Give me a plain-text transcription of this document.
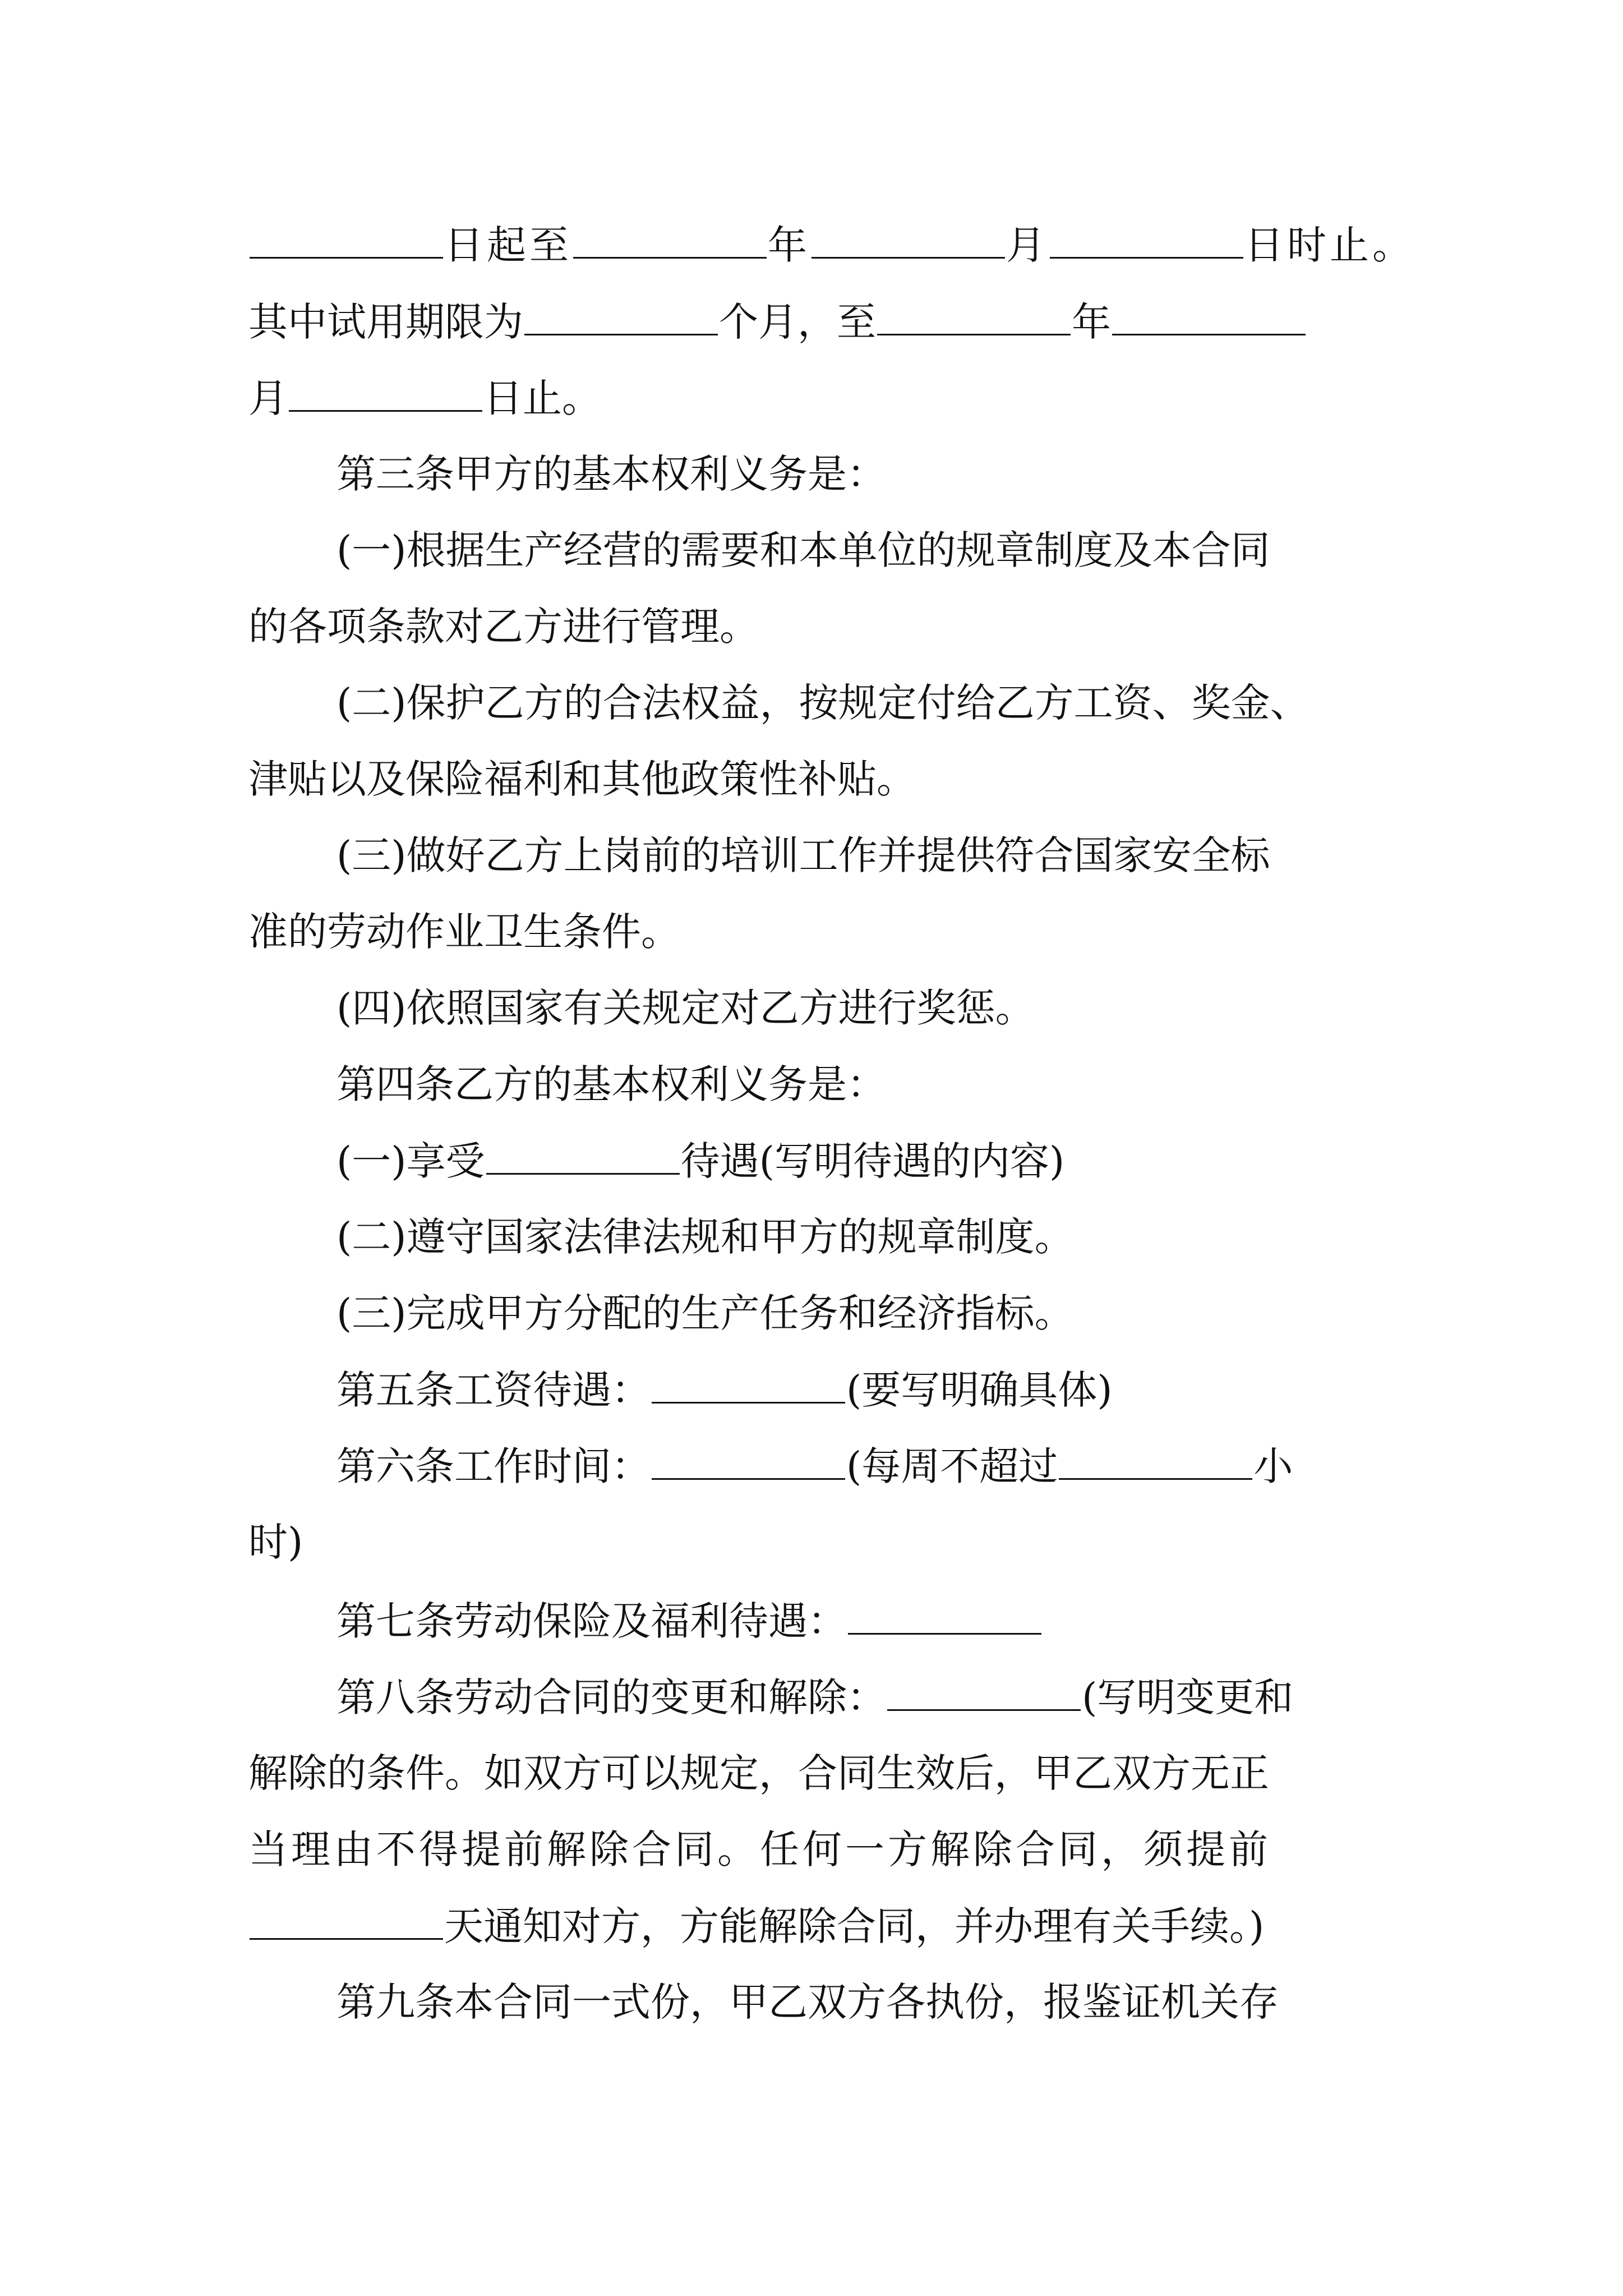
日起至	年	月	日时止。
其中试用期限为	个月，至	年
月	日止。
第三条甲方的基本权利义务是：
(一)根据生产经营的需要和本单位的规章制度及本合同
的各项条款对乙方进行管理。
(二)保护乙方的合法权益，按规定付给乙方工资、奖金、
津贴以及保险福利和其他政策性补贴。
(三)做好乙方上岗前的培训工作并提供符合国家安全标
准的劳动作业卫生条件。
(四)依照国家有关规定对乙方进行奖惩。
第四条乙方的基本权利义务是：
(一)享受	待遇(写明待遇的内容)
(二)遵守国家法律法规和甲方的规章制度。
(三)完成甲方分配的生产任务和经济指标。
第五条工资待遇：	(要写明确具体)
第六条工作时间：	(每周不超过	小
时)
第七条劳动保险及福利待遇：
第八条劳动合同的变更和解除：	(写明变更和
解除的条件。如双方可以规定，合同生效后，甲乙双方无正
当理由不得提前解除合同。任何一方解除合同，须提前
天通知对方，方能解除合同，并办理有关手续。)
第九条本合同一式份，甲乙双方各执份，报鉴证机关存
